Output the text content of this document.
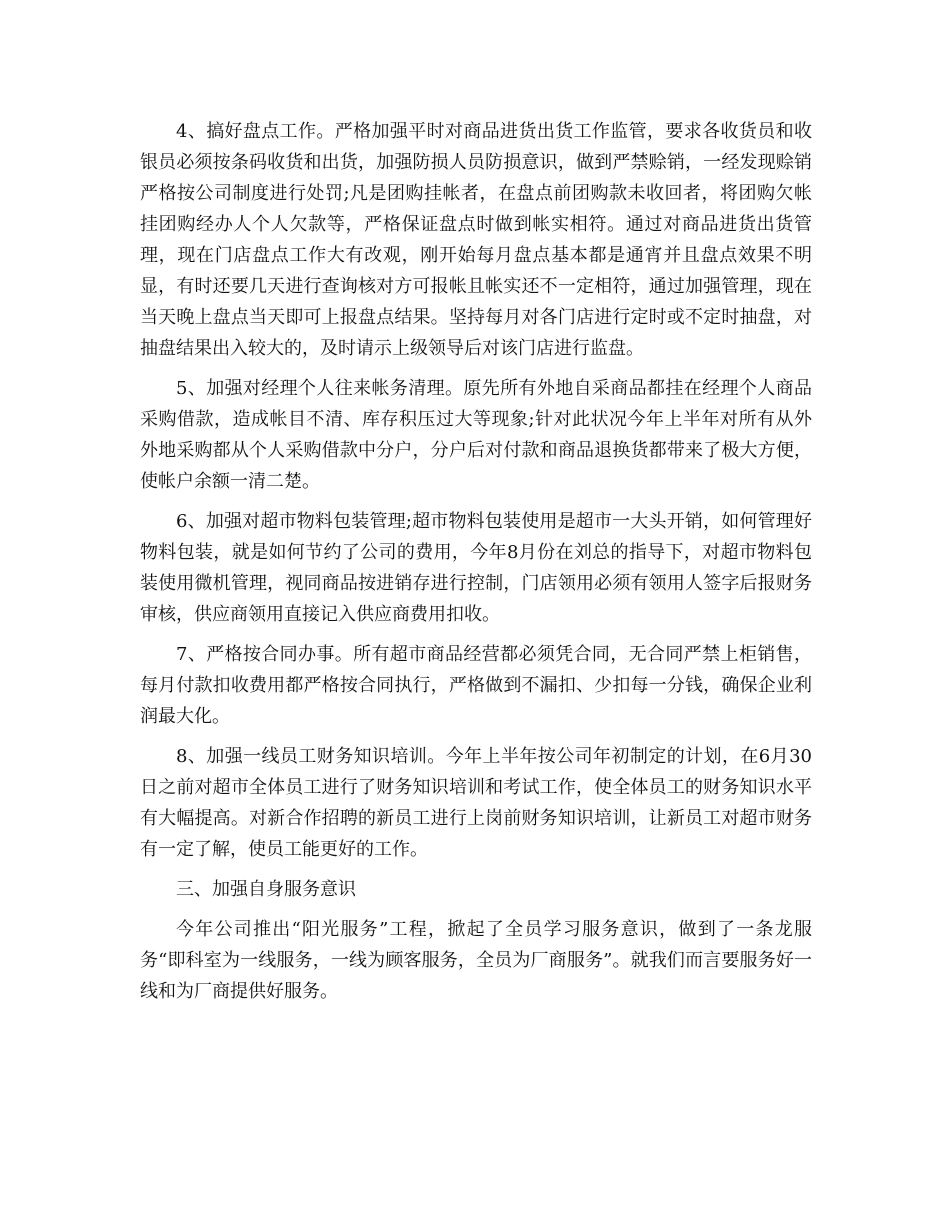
4、搞好盘点工作。严格加强平时对商品进货出货工作监管，要求各收货员和收银员必须按条码收货和出货，加强防损人员防损意识，做到严禁赊销，一经发现赊销严格按公司制度进行处罚;凡是团购挂帐者，在盘点前团购款未收回者，将团购欠帐挂团购经办人个人欠款等，严格保证盘点时做到帐实相符。通过对商品进货出货管理，现在门店盘点工作大有改观，刚开始每月盘点基本都是通宵并且盘点效果不明显，有时还要几天进行查询核对方可报帐且帐实还不一定相符，通过加强管理，现在当天晚上盘点当天即可上报盘点结果。坚持每月对各门店进行定时或不定时抽盘，对抽盘结果出入较大的，及时请示上级领导后对该门店进行监盘。

5、加强对经理个人往来帐务清理。原先所有外地自采商品都挂在经理个人商品采购借款，造成帐目不清、库存积压过大等现象;针对此状况今年上半年对所有从外外地采购都从个人采购借款中分户，分户后对付款和商品退换货都带来了极大方便，使帐户余额一清二楚。

6、加强对超市物料包装管理;超市物料包装使用是超市一大头开销，如何管理好物料包装，就是如何节约了公司的费用，今年8月份在刘总的指导下，对超市物料包装使用微机管理，视同商品按进销存进行控制，门店领用必须有领用人签字后报财务审核，供应商领用直接记入供应商费用扣收。

7、严格按合同办事。所有超市商品经营都必须凭合同，无合同严禁上柜销售，每月付款扣收费用都严格按合同执行，严格做到不漏扣、少扣每一分钱，确保企业利润最大化。

8、加强一线员工财务知识培训。今年上半年按公司年初制定的计划，在6月30日之前对超市全体员工进行了财务知识培训和考试工作，使全体员工的财务知识水平有大幅提高。对新合作招聘的新员工进行上岗前财务知识培训，让新员工对超市财务有一定了解，使员工能更好的工作。

三、加强自身服务意识

今年公司推出“阳光服务”工程，掀起了全员学习服务意识，做到了一条龙服务“即科室为一线服务，一线为顾客服务，全员为厂商服务”。就我们而言要服务好一线和为厂商提供好服务。
